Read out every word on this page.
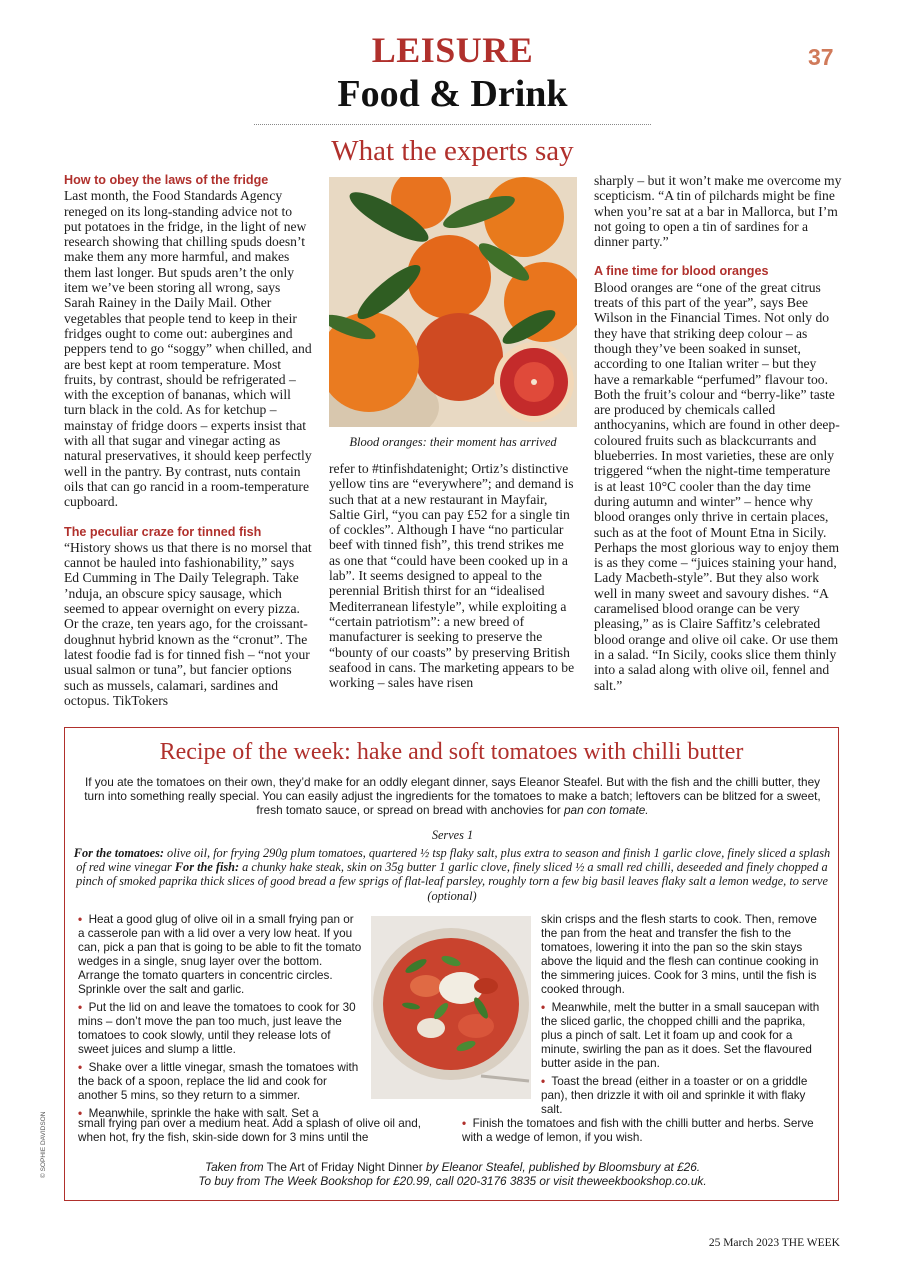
LEISURE
Food & Drink
37
What the experts say
How to obey the laws of the fridge

Last month, the Food Standards Agency reneged on its long-standing advice not to put potatoes in the fridge, in the light of new research showing that chilling spuds doesn’t make them any more harmful, and makes them last longer. But spuds aren’t the only item we’ve been storing all wrong, says Sarah Rainey in the Daily Mail. Other vegetables that people tend to keep in their fridges ought to come out: aubergines and peppers tend to go “soggy” when chilled, and are best kept at room temperature. Most fruits, by contrast, should be refrigerated – with the exception of bananas, which will turn black in the cold. As for ketchup – mainstay of fridge doors – experts insist that with all that sugar and vinegar acting as natural preservatives, it should keep perfectly well in the pantry. By contrast, nuts contain oils that can go rancid in a room-temperature cupboard.

The peculiar craze for tinned fish

“History shows us that there is no morsel that cannot be hauled into fashionability,” says Ed Cumming in The Daily Telegraph. Take ’nduja, an obscure spicy sausage, which seemed to appear overnight on every pizza. Or the craze, ten years ago, for the croissant-doughnut hybrid known as the “cronut”. The latest foodie fad is for tinned fish – “not your usual salmon or tuna”, but fancier options such as mussels, calamari, sardines and octopus. TikTokers

Blood oranges: their moment has arrived

refer to #tinfishdatenight; Ortiz’s distinctive yellow tins are “everywhere”; and demand is such that at a new restaurant in Mayfair, Saltie Girl, “you can pay £52 for a single tin of cockles”. Although I have “no particular beef with tinned fish”, this trend strikes me as one that “could have been cooked up in a lab”. It seems designed to appeal to the perennial British thirst for an “idealised Mediterranean lifestyle”, while exploiting a “certain patriotism”: a new breed of manufacturer is seeking to preserve the “bounty of our coasts” by preserving British seafood in cans. The marketing appears to be working – sales have risen

sharply – but it won’t make me overcome my scepticism. “A tin of pilchards might be fine when you’re sat at a bar in Mallorca, but I’m not going to open a tin of sardines for a dinner party.”

A fine time for blood oranges

Blood oranges are “one of the great citrus treats of this part of the year”, says Bee Wilson in the Financial Times. Not only do they have that striking deep colour – as though they’ve been soaked in sunset, according to one Italian writer – but they have a remarkable “perfumed” flavour too. Both the fruit’s colour and “berry-like” taste are produced by chemicals called anthocyanins, which are found in other deep-coloured fruits such as blackcurrants and blueberries. In most varieties, these are only triggered “when the night-time temperature is at least 10°C cooler than the day time during autumn and winter” – hence why blood oranges only thrive in certain places, such as at the foot of Mount Etna in Sicily. Perhaps the most glorious way to enjoy them is as they come – “juices staining your hand, Lady Macbeth-style”. But they also work well in many sweet and savoury dishes. “A caramelised blood orange can be very pleasing,” as is Claire Saffitz’s celebrated blood orange and olive oil cake. Or use them in a salad. “In Sicily, cooks slice them thinly into a salad along with olive oil, fennel and salt.”

Recipe of the week: hake and soft tomatoes with chilli butter
If you ate the tomatoes on their own, they’d make for an oddly elegant dinner, says Eleanor Steafel. But with the fish and the chilli butter, they turn into something really special. You can easily adjust the ingredients for the tomatoes to make a batch; leftovers can be blitzed for a sweet, fresh tomato sauce, or spread on bread with anchovies for pan con tomate.
Serves 1
For the tomatoes: olive oil, for frying 290g plum tomatoes, quartered ½ tsp flaky salt, plus extra to season and finish 1 garlic clove, finely sliced a splash of red wine vinegar For the fish: a chunky hake steak, skin on 35g butter 1 garlic clove, finely sliced ½ a small red chilli, deseeded and finely chopped a pinch of smoked paprika thick slices of good bread a few sprigs of flat-leaf parsley, roughly torn a few big basil leaves flaky salt a lemon wedge, to serve (optional)

• Heat a good glug of olive oil in a small frying pan or a casserole pan with a lid over a very low heat. If you can, pick a pan that is going to be able to fit the tomato wedges in a single, snug layer over the bottom. Arrange the tomato quarters in concentric circles. Sprinkle over the salt and garlic.

• Put the lid on and leave the tomatoes to cook for 30 mins – don’t move the pan too much, just leave the tomatoes to cook slowly, until they release lots of sweet juices and slump a little.

• Shake over a little vinegar, smash the tomatoes with the back of a spoon, replace the lid and cook for another 5 mins, so they return to a simmer.

• Meanwhile, sprinkle the hake with salt. Set a

small frying pan over a medium heat. Add a splash of olive oil and, when hot, fry the fish, skin-side down for 3 mins until the

skin crisps and the flesh starts to cook. Then, remove the pan from the heat and transfer the fish to the tomatoes, lowering it into the pan so the skin stays above the liquid and the flesh can continue cooking in the simmering juices. Cook for 3 mins, until the fish is cooked through.

• Meanwhile, melt the butter in a small saucepan with the sliced garlic, the chopped chilli and the paprika, plus a pinch of salt. Let it foam up and cook for a minute, swirling the pan as it does. Set the flavoured butter aside in the pan.

• Toast the bread (either in a toaster or on a griddle pan), then drizzle it with oil and sprinkle it with flaky salt.

• Finish the tomatoes and fish with the chilli butter and herbs. Serve with a wedge of lemon, if you wish.
Taken from The Art of Friday Night Dinner by Eleanor Steafel, published by Bloomsbury at £26.
To buy from The Week Bookshop for £20.99, call 020-3176 3835 or visit theweekbookshop.co.uk.
© SOPHIE DAVIDSON
25 March 2023 THE WEEK
